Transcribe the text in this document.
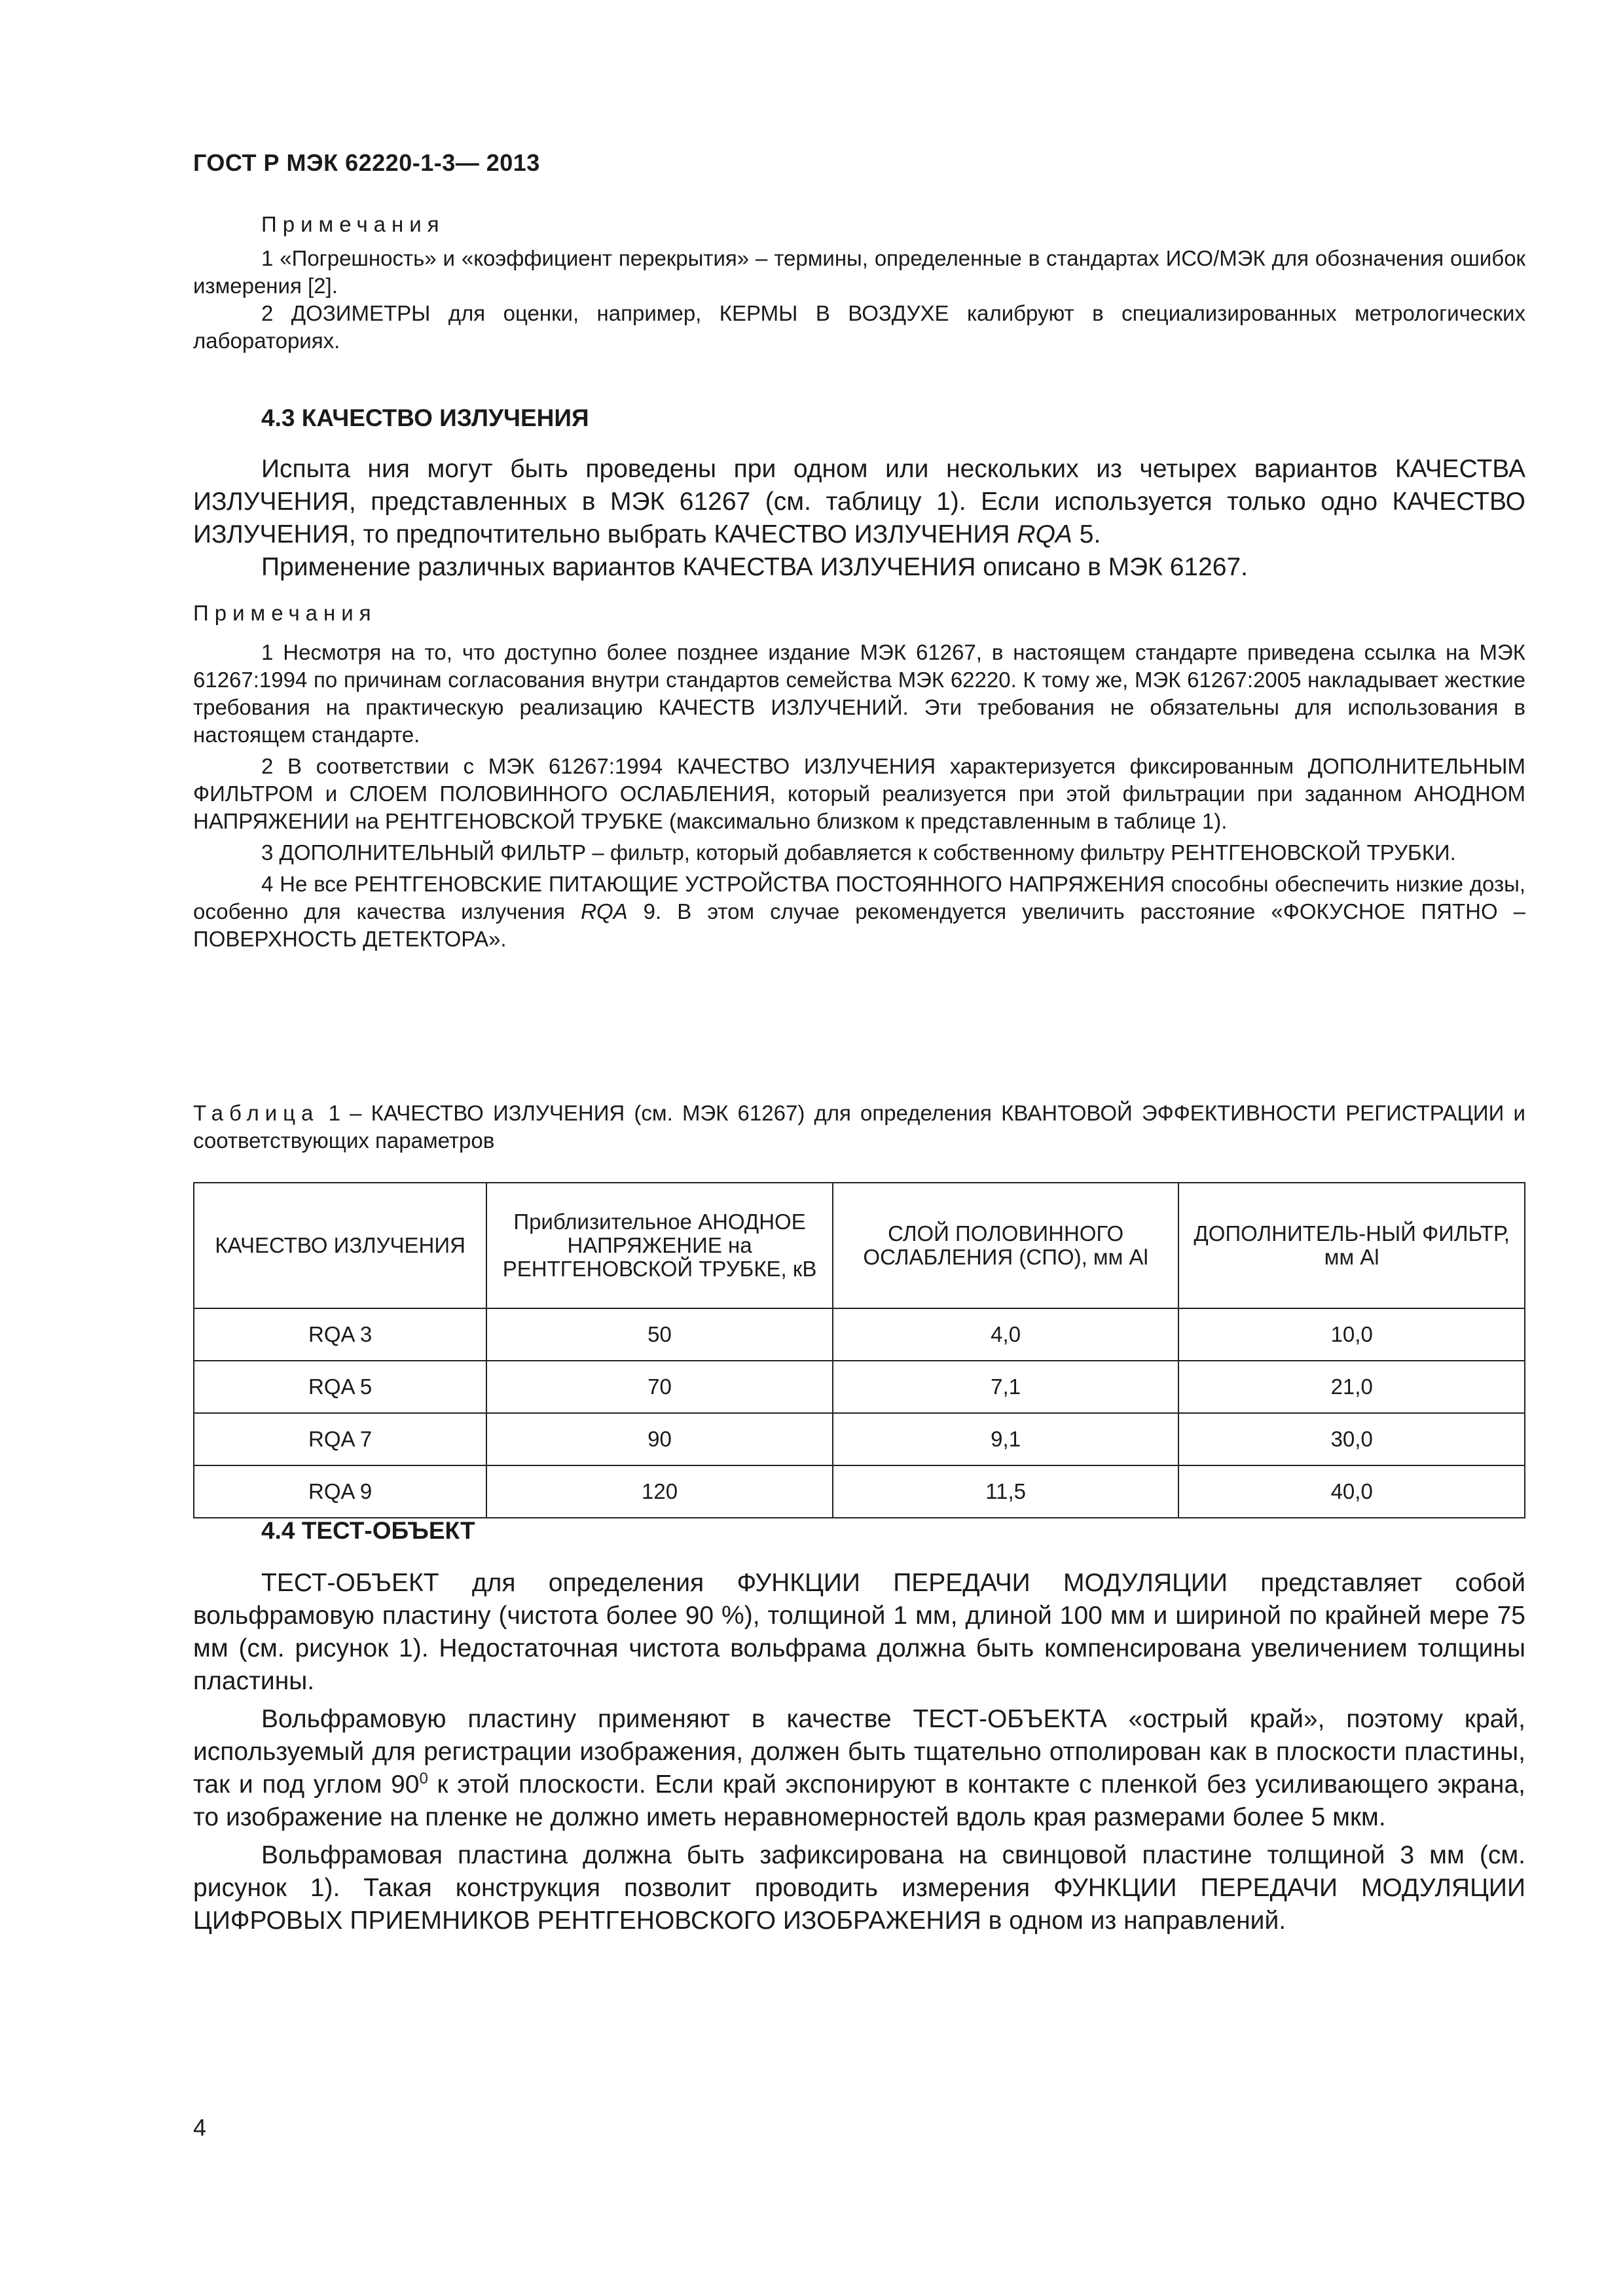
ГОСТ Р МЭК 62220-1-3— 2013
Примечания

1 «Погрешность» и «коэффициент перекрытия» – термины, определенные в стандартах ИСО/МЭК для обозначения ошибок измерения [2].

2 ДОЗИМЕТРЫ для оценки, например, КЕРМЫ В ВОЗДУХЕ калибруют в специализированных метрологических лабораториях.

4.3 КАЧЕСТВО ИЗЛУЧЕНИЯ

Испыта ния могут быть проведены при одном или нескольких из четырех вариантов КАЧЕСТВА ИЗЛУЧЕНИЯ, представленных в МЭК 61267 (см. таблицу 1). Если используется только одно КАЧЕСТВО ИЗЛУЧЕНИЯ, то предпочтительно выбрать КАЧЕСТВО ИЗЛУЧЕНИЯ RQA 5.

Применение различных вариантов КАЧЕСТВА ИЗЛУЧЕНИЯ описано в МЭК 61267.

Примечания

1 Несмотря на то, что доступно более позднее издание МЭК 61267, в настоящем стандарте приведена ссылка на МЭК 61267:1994 по причинам согласования внутри стандартов семейства МЭК 62220. К тому же, МЭК 61267:2005 накладывает жесткие требования на практическую реализацию КАЧЕСТВ ИЗЛУЧЕНИЙ. Эти требования не обязательны для использования в настоящем стандарте.

2 В соответствии с МЭК 61267:1994 КАЧЕСТВО ИЗЛУЧЕНИЯ характеризуется фиксированным ДОПОЛНИТЕЛЬНЫМ ФИЛЬТРОМ и СЛОЕМ ПОЛОВИННОГО ОСЛАБЛЕНИЯ, который реализуется при этой фильтрации при заданном АНОДНОМ НАПРЯЖЕНИИ на РЕНТГЕНОВСКОЙ ТРУБКЕ (максимально близком к представленным в таблице 1).

3 ДОПОЛНИТЕЛЬНЫЙ ФИЛЬТР – фильтр, который добавляется к собственному фильтру РЕНТГЕНОВСКОЙ ТРУБКИ.

4 Не все РЕНТГЕНОВСКИЕ ПИТАЮЩИЕ УСТРОЙСТВА ПОСТОЯННОГО НАПРЯЖЕНИЯ способны обеспечить низкие дозы, особенно для качества излучения RQA 9. В этом случае рекомендуется увеличить расстояние «ФОКУСНОЕ ПЯТНО – ПОВЕРХНОСТЬ ДЕТЕКТОРА».

Таблица 1 – КАЧЕСТВО ИЗЛУЧЕНИЯ (см. МЭК 61267) для определения КВАНТОВОЙ ЭФФЕКТИВНОСТИ РЕГИСТРАЦИИ и соответствующих параметров
КАЧЕСТВО ИЗЛУЧЕНИЯ	Приблизительное АНОДНОЕ НАПРЯЖЕНИЕ на РЕНТГЕНОВСКОЙ ТРУБКЕ, кВ	СЛОЙ ПОЛОВИННОГО ОСЛАБЛЕНИЯ (СПО), мм Al	ДОПОЛНИТЕЛЬ-НЫЙ ФИЛЬТР, мм Al
RQA 3	50	4,0	10,0
RQA 5	70	7,1	21,0
RQA 7	90	9,1	30,0
RQA 9	120	11,5	40,0
4.4 ТЕСТ-ОБЪЕКТ

ТЕСТ-ОБЪЕКТ для определения ФУНКЦИИ ПЕРЕДАЧИ МОДУЛЯЦИИ представляет собой вольфрамовую пластину (чистота более 90 %), толщиной 1 мм, длиной 100 мм и шириной по крайней мере 75 мм (см. рисунок 1). Недостаточная чистота вольфрама должна быть компенсирована увеличением толщины пластины.

Вольфрамовую пластину применяют в качестве ТЕСТ-ОБЪЕКТА «острый край», поэтому край, используемый для регистрации изображения, должен быть тщательно отполирован как в плоскости пластины, так и под углом $90^0$ к этой плоскости. Если край экспонируют в контакте с пленкой без усиливающего экрана, то изображение на пленке не должно иметь неравномерностей вдоль края размерами более 5 мкм.

Вольфрамовая пластина должна быть зафиксирована на свинцовой пластине толщиной 3 мм (см. рисунок 1). Такая конструкция позволит проводить измерения ФУНКЦИИ ПЕРЕДАЧИ МОДУЛЯЦИИ ЦИФРОВЫХ ПРИЕМНИКОВ РЕНТГЕНОВСКОГО ИЗОБРАЖЕНИЯ в одном из направлений.

4
